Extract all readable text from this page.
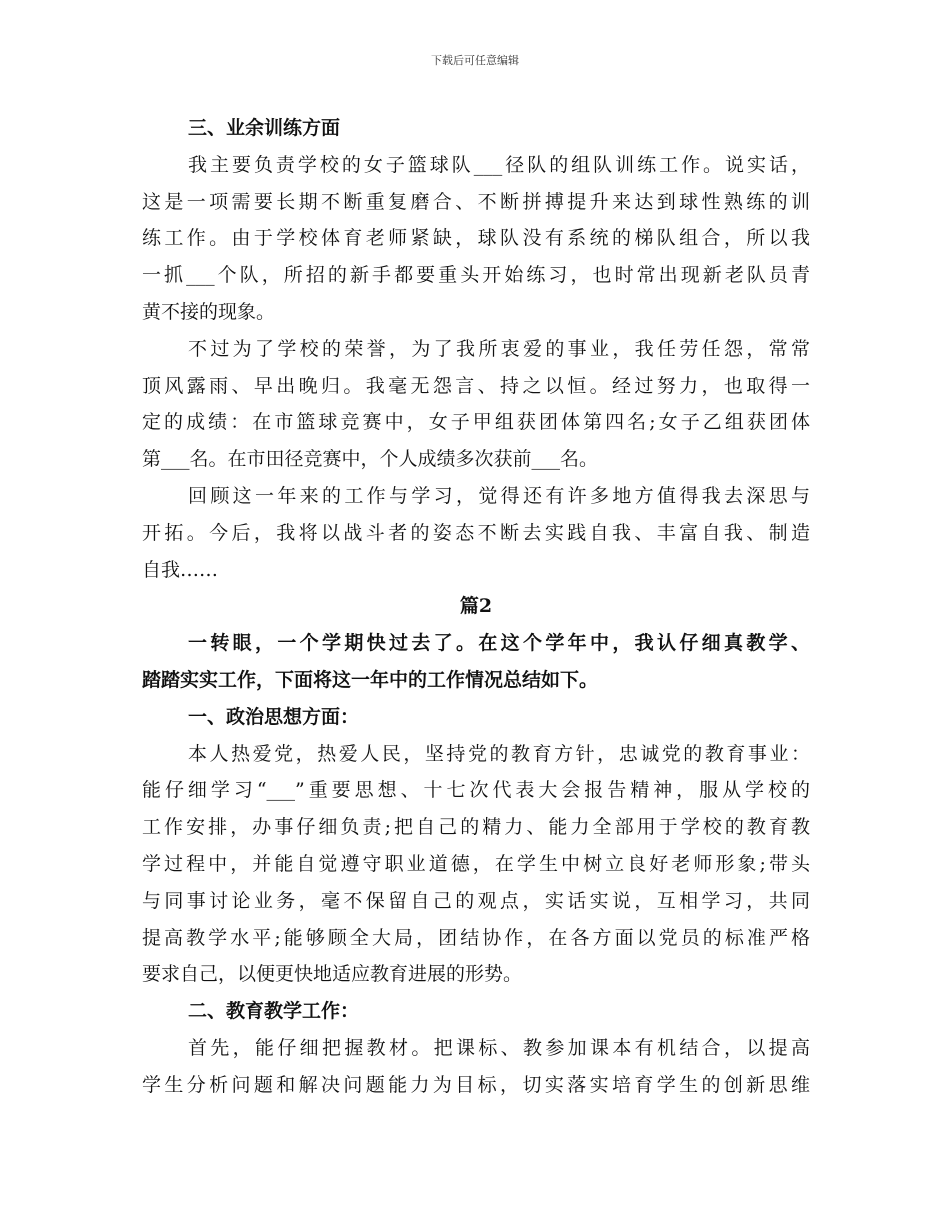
下载后可任意编辑
三、业余训练方面
我主要负责学校的女子篮球队___径队的组队训练工作。说实话，
这是一项需要长期不断重复磨合、不断拼搏提升来达到球性熟练的训
练工作。由于学校体育老师紧缺，球队没有系统的梯队组合，所以我
一抓___个队，所招的新手都要重头开始练习，也时常出现新老队员青
黄不接的现象。
不过为了学校的荣誉，为了我所衷爱的事业，我任劳任怨，常常
顶风露雨、早出晚归。我毫无怨言、持之以恒。经过努力，也取得一
定的成绩：在市篮球竞赛中，女子甲组获团体第四名;女子乙组获团体
第___名。在市田径竞赛中，个人成绩多次获前___名。
回顾这一年来的工作与学习，觉得还有许多地方值得我去深思与
开拓。今后，我将以战斗者的姿态不断去实践自我、丰富自我、制造
自我……
篇2
一转眼，一个学期快过去了。在这个学年中，我认仔细真教学、
踏踏实实工作，下面将这一年中的工作情况总结如下。
一、政治思想方面：
本人热爱党，热爱人民，坚持党的教育方针，忠诚党的教育事业：
能仔细学习“___”重要思想、十七次代表大会报告精神，服从学校的
工作安排，办事仔细负责;把自己的精力、能力全部用于学校的教育教
学过程中，并能自觉遵守职业道德，在学生中树立良好老师形象;带头
与同事讨论业务，毫不保留自己的观点，实话实说，互相学习，共同
提高教学水平;能够顾全大局，团结协作，在各方面以党员的标准严格
要求自己，以便更快地适应教育进展的形势。
二、教育教学工作：
首先，能仔细把握教材。把课标、教参加课本有机结合，以提高
学生分析问题和解决问题能力为目标，切实落实培育学生的创新思维
